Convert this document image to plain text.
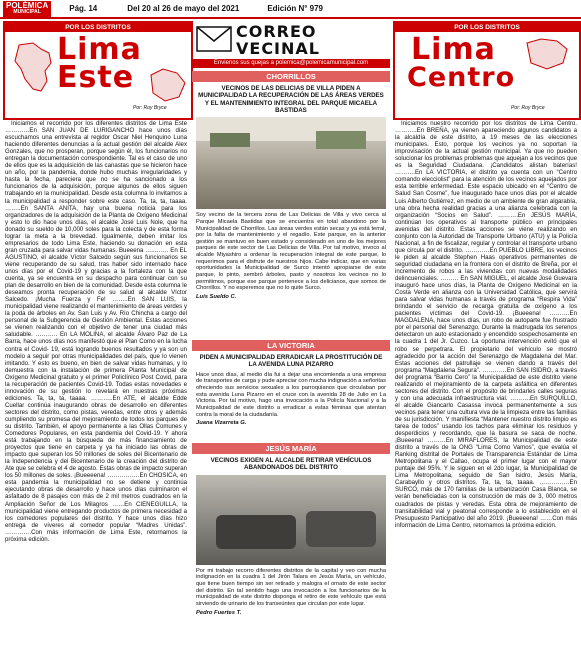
POLÉMICA
MUNICIPAL	Pág. 14	Del 20 al 26 de mayo del 2021	Edición N° 979
POR LOS DISTRITOS
Lima
Este
Por: Roy Bryce

Iniciamos el recorrido por los diferentes distritos de Lima Este …………En SAN JUAN DE LURIGANCHO hace unos días escuchamos una entrevista al regidor Oscar Niel Henquino Luna haciendo diferentes denuncias a la actual gestión del alcalde Alex Gonzales, que no prosperan, porque según él, los funcionarios no entregan la documentación correspondiente. Tal es el caso de uno de ellos que es la adquisición de las canastas que se hicieron hace un año, por la pandemia, donde hubo muchas irregularidades y hasta la fecha, pareciera que no se ha sancionado a los funcionarios de la adquisición, porque algunos de ellos siguen trabajando en la municipalidad. Desde esta columna lo invitamos a la municipalidad a responder sobre este caso. Ta, ta, ta, taaaa. ……..En SANTA ANITA, hay una buena noticia para los organizadores de la adquisición de la Planta de Oxígeno Medicinal y esto lo dio hace unos días, el alcalde José Luis Nole, que ha donado su sueldo de 10,000 soles para la colecta y de esta forma lograr la meta a la brevedad. Igualmente, deben imitar los empresarios de todo Lima Este, haciendo su donación en esta gran cruzada para salvar vidas humanas. Bueeena …..……. En EL AGUSTINO, el alcalde Víctor Salcedo según sus funcionarios se viene recuperando de su salud, tras haber sido internado hace unos días por el Covid-19 y gracias a la fortaleza con la que cuenta, ya se encuentra en su despacho para continuar con su plan de desarrollo en bien de la comunidad. Desde esta columna le deseamos pronta recuperación de su salud al alcalde Víctor Salcedo. ¡Mucha Fuerza y Fe! ……..En SAN LUIS, la municipalidad viene realizando el mantenimiento de áreas verdes y la poda de árboles en Av. San Luis y Av. Río Chincha a cargo del personal de la Subgerencia de Gestión Ambiental. Estas acciones se vienen realizando con el objetivo de tener una ciudad más saludable. ……….. En LA MOLINA, el alcalde Álvaro Paz de La Barra, hace unos días nos manifestó que el Plan Como en la lucha contra el Covid- 19, está logrando buenos resultados y ya son un modelo a seguir por otras municipalidades del país, que lo vienen imitando. Y esto es bueno, en bien de salvar vidas humanas, y lo demuestra con la instalación de primera Planta Municipal de Oxígeno Medicinal gratuito y el primer Policlínico Post Covid, para la recuperación de pacientes Covid-19. Todas estas novedades e innovación de su gestión lo revelará en nuestras próximas ediciones. Ta, ta, ta, taaaa. ………..En ATE, el alcalde Edde Cuellar continúa inaugurando obras de desarrollo en diferentes sectores del distrito, como pistas, veredas, entre otros y además cumpliendo su promesa del mejoramiento de todos los parques de su distrito. También, el apoyo permanente a las Ollas Comunes y Comedores Populares, en esta pandemia del Covid-19. Y ahora está trabajando en la búsqueda de más financiamiento de proyectos que tiene en carpeta y ya ha iniciado las obras de impacto que superan los 50 millones de soles del Bicentenario de la Independencia y del Bicentenario de la creación del distrito de Ate que se celebra el 4 de agosto. Estas obras de impacto superan los 50 millones de soles. ¡Bueeeena! …………….En CHOSICA, en esta pandemia la municipalidad no se detiene y continúa ejecutando obras de desarrollo y hace unos días culminaron el asfaltado de 8 pasajes con más de 2 mil metros cuadrados en la Ampliación Señor de Los Milagros ……En CIENEGUILLA, la municipalidad viene entregando productos de primera necesidad a los comedores populares del distrito. Y hace unos días hizo entrega de víveres al comedor popular “Madres Unidas”. ………….Con más información de Lima Este, retornamos la próxima edición.

CORREO
VECINAL
Envienos sus quejas a polemica@polemicamunicipal.com
CHORRILLOS
VECINOS DE LAS DELICIAS DE VILLA PIDEN A MUNICIPALIDAD LA RECUPERACIÓN DE LAS ÁREAS VERDES Y EL MANTENIMIENTO INTEGRAL DEL PARQUE MICAELA BASTIDAS
Soy vecino de la tercera zona de Las Delicias de Villa y vivo cerca al Parque Micaela Bastidas que se encuentra en total abandono por la Municipalidad de Chorrillos. Las áreas verdes están secas y ya está terral, por la falta de mantenimiento y el regadío. Este parque, en la anterior gestión se mantuvo en buen estado y considerado en uno de los mejores parques de este sector de Las Delicias de Villa. Por tal motivo, invoco al alcalde Miyashiro a ordenar la recuperación integral de este parque, lo requerimos para el disfrute de nuestros hijos. Cabe indicar, que en varias oportunidades la Municipalidad de Surco intentó apropiarse de este parque, lo pinto, sembró árboles, pasto y nosotros los vecinos no lo permitimos, porque ese parque pertenece a los delicianos, que somos de Chorrillos. Y no esperemos que no lo quite Surco.
Luis Sueldo C.
LA VICTORIA
PIDEN A MUNICIPALIDAD ERRADICAR LA PROSTITUCIÓN DE LA AVENIDA LUNA PIZARRO
Hace unos días, al medio día fui a dejar una encomienda a una empresa de transportes de carga y pude apreciar con mucha indignación a señoritas ofreciendo sus servicios sexuales a los parroquianos que circulaban por esta avenida Luna Pizarro en el cruce con la avenida 28 de Julio en La Victoria. Por tal motivo, hago una invocación a la Policía Nacional y a la Municipalidad de este distrito a erradicar a estas féminas que atentan contra la moral de la ciudadanía.
Juana Vizarreta G.
JESÚS MARÍA
VECINOS EXIGEN AL ALCALDE RETIRAR VEHÍCULOS ABANDONADOS DEL DISTRITO
Por mi trabajo recorro diferentes distritos de la capital y veo con mucha indignación en la cuadra 1 del Jirón Talara en Jesús María, un vehículo, que tiene buen tiempo sin ser retirado y malogra el ornato de este sector del distrito. En tal sentido hago una invocación a los funcionarios de la municipalidad de este distrito disponga el retiro de este vehículo que está sirviendo de urinario de los transeúntes que circulan por este lugar.
Pedro Fuertes T.
POR LOS DISTRITOS
Lima
Centro
Por: Roy Bryce

Iniciamos nuestro recorrido por los distritos de Lima Centro. ………..En BREÑA, ya vienen apareciendo algunos candidatos a la alcaldía de este distrito, a 19 meses de las elecciones municipales. Esto, porque los vecinos ya no soportan la improvisación de la actual gestión municipal. Ya que no pueden solucionar los problemas problemas que aquejan a los vecinos que es la Seguridad Ciudadana. ¡Candidatos alistan baterías! ……….En LA VICTORIA, el distrito ya cuenta con un “Centro comando elecciolist” para la atención de los vecinos aquejados por esta terrible enfermedad. Este espacio ubicado en el “Centro de Salud San Cosme”, fue inaugurado hace unos días por el alcalde Luis Alberto Gutiérrez, en medio de un ambiente de gran algarabía, una obra hecha realidad gracias a una alianza celebrada con la organización “Socios en Salud”. ……….En JESÚS MARÍA, continúan los operativos al transporte público en principales avenidas del distrito. Estas acciones se viene realizando en conjunto con la Autoridad de Transporte Urbano (ATU) y la Policía Nacional, a fin de fiscalizar, regular y controlar el transporte urbano que circula por el distrito. …………En PUEBLO LIBRE, los vecinos le piden al alcalde Stephen Haas operativos permanentes de seguridad ciudadana en la frontera con el distrito de Breña, por el incremento de robos a las viviendas con nuevas modalidades delincuenciales. ……… En SAN MIGUEL, el alcalde José Guevara inauguró hace unos días, la Planta de Oxígeno Medicinal en la Costa Verde en alianza con la Universidad Católica, que servirá para salvar vidas humanas a través de programa “Respira Vida” brindando el servicio de recarga gratuita de oxígeno a los pacientes víctimas del Covid-19. ¡Bueeena! ……….En MAGDALENA, hace unos días, un robo de autoparte fue frustrado por el personal del Serenazgo. Durante la madrugada los serenos detectaron un auto estacionado y encendido sospechosamente en la cuadra 1 del Jr. Cuzco. La oportuna intervención evitó que el robo se perpetrara. El propietario del vehículo se mostró agradecido por la acción del Serenazgo de Magdalena del Mar. Estas acciones del patrullaje se vienen dando a través del programa “Magdalena Segura”. …………En SAN ISIDRO, a través del programa “Barrio Cero” la Municipalidad de este distrito viene realizando el mejoramiento de la carpeta asfáltica en diferentes sectores del distrito. Con el propósito de brindarles calles seguras y con una adecuada infraestructura vial. ……….En SURQUILLO, el alcalde Giancarlo Casassa invoca permanentemente a sus vecinos para tener una cultura viva de la limpieza entre las familias de su jurisdicción. Y manifiesta “Mantener nuestro distrito limpio es tarea de todos” usando los tachos para eliminar los residuos y desperdicios y recordando, que la basura se saca de noche. ¡Bueeena! ………En MIRAFLORES, la Municipalidad de este distrito a través de la ONG “Lima Como Vamos”, que evalúa el Ranking distrital de Portales de Transparencia Estándar de Lima Metropolitana y el Callao, ocupa el primer lugar con el mayor puntaje del 95%. Y le siguen en el 2do lugar, la Municipalidad de Lima Metropolitana, seguido de San Isidro, Jesús María, Carabayllo y otros distritos. Ta, ta, ta, taaaa. ……………En SURCO, más de 170 familias de la urbanización Casa Blanca, se verán beneficiadas con la construcción de más de 3, 000 metros cuadrados de pistas y veredas. Esta obra de mejoramiento de transitabilidad vial y peatonal corresponde a lo establecido en el Presupuesto Participativo del año 2019. ¡Bueeeena! ……Con más información de Lima Centro, retornamos la próxima edición.
